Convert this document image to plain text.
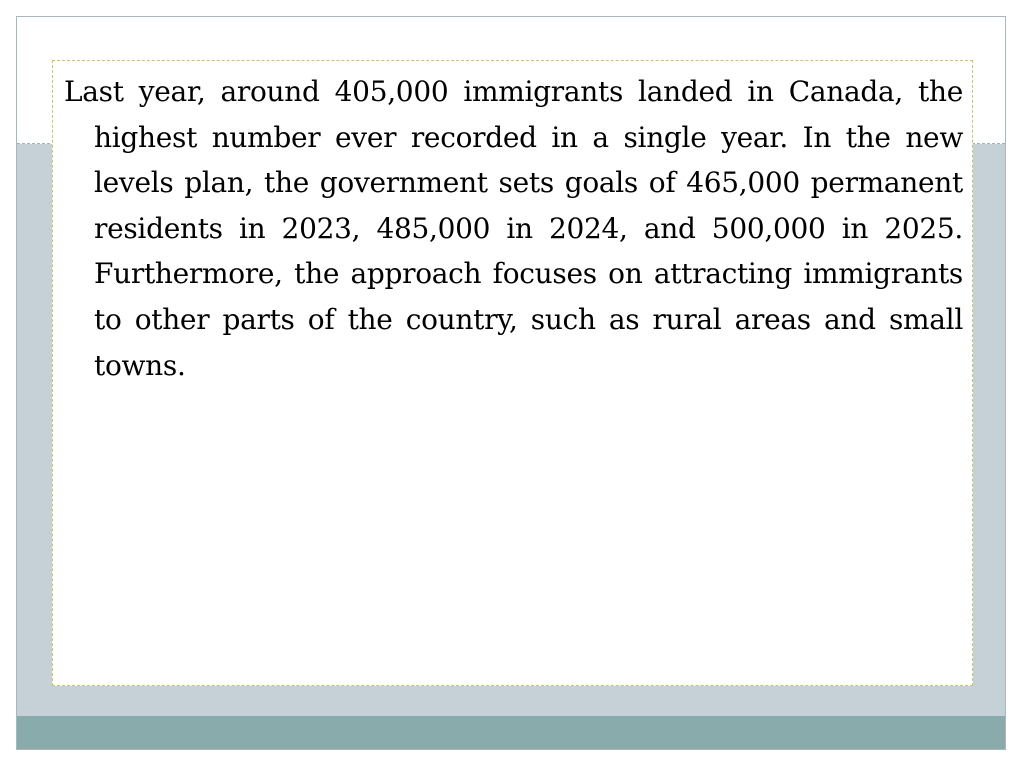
Last year, around 405,000 immigrants landed in Canada, the highest number ever recorded in a single year. In the new levels plan, the government sets goals of 465,000 permanent residents in 2023, 485,000 in 2024, and 500,000 in 2025. Furthermore, the approach focuses on attracting immigrants to other parts of the country, such as rural areas and small towns.
